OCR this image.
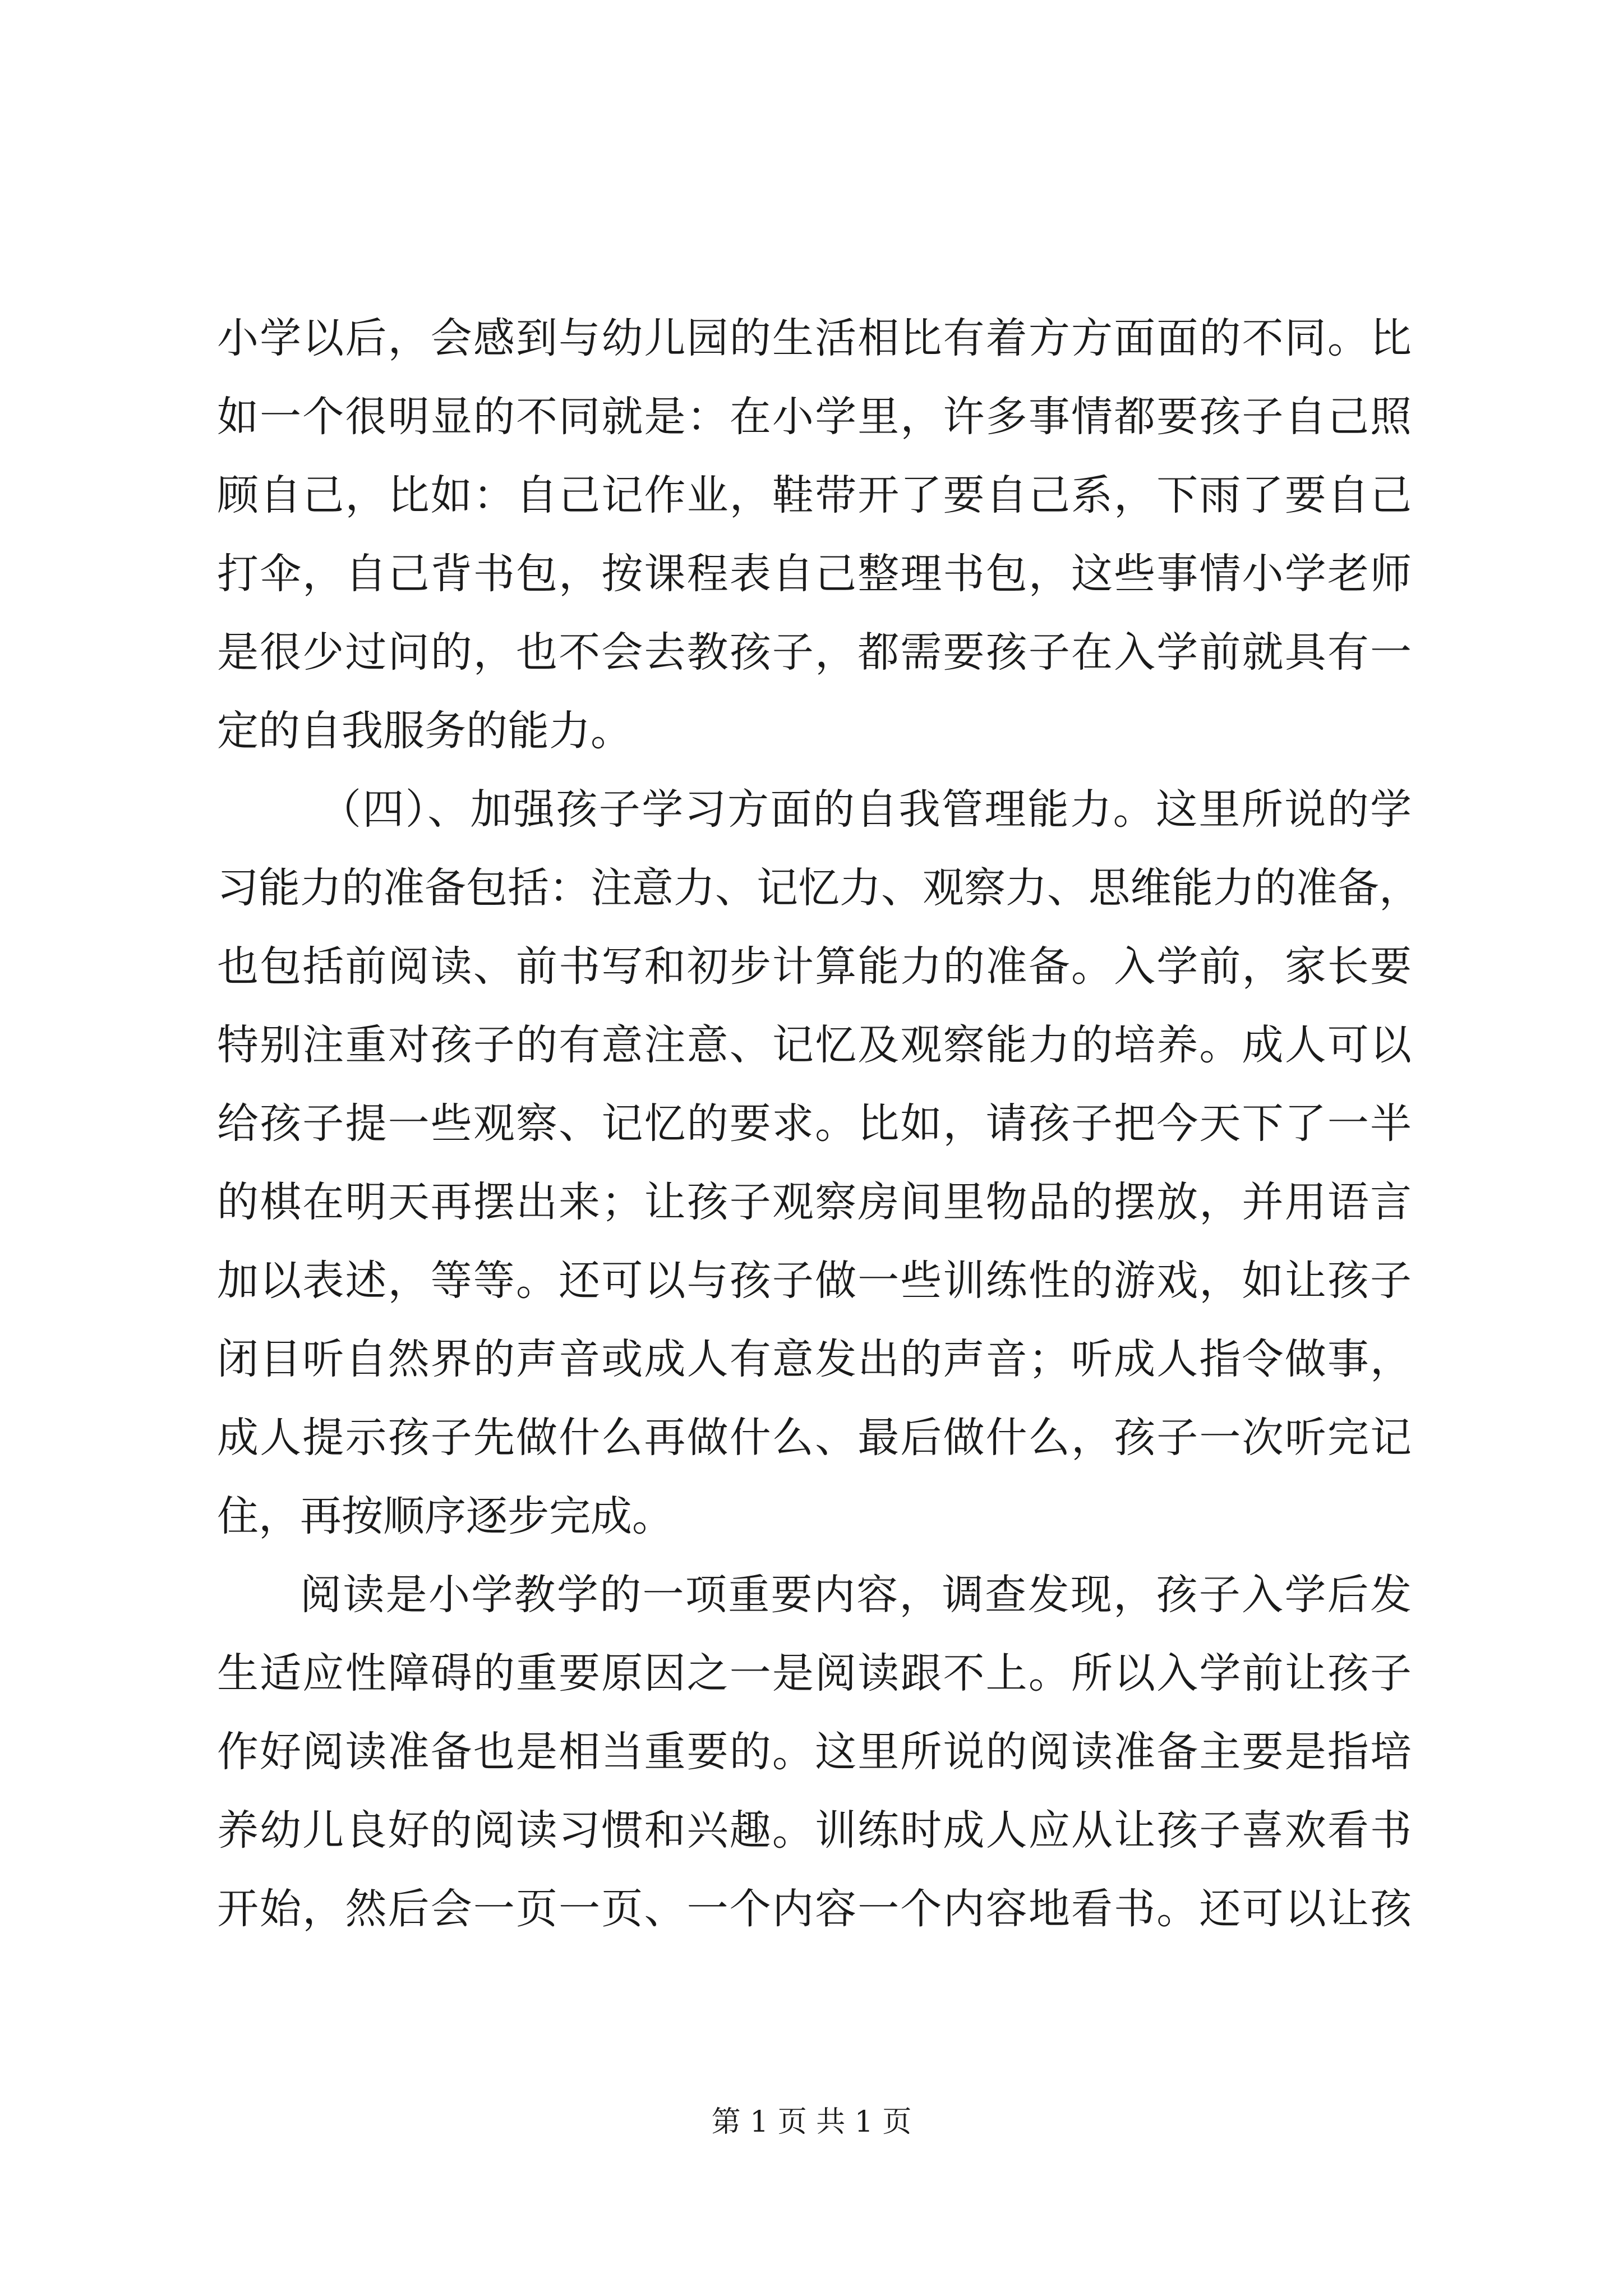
小学以后，会感到与幼儿园的生活相比有着方方面面的不同。比
如一个很明显的不同就是：在小学里，许多事情都要孩子自己照
顾自己，比如：自己记作业，鞋带开了要自己系，下雨了要自己
打伞，自己背书包，按课程表自己整理书包，这些事情小学老师
是很少过问的，也不会去教孩子，都需要孩子在入学前就具有一
定的自我服务的能力。
（四）、加强孩子学习方面的自我管理能力。这里所说的学
习能力的准备包括：注意力、记忆力、观察力、思维能力的准备，
也包括前阅读、前书写和初步计算能力的准备。入学前，家长要
特别注重对孩子的有意注意、记忆及观察能力的培养。成人可以
给孩子提一些观察、记忆的要求。比如，请孩子把今天下了一半
的棋在明天再摆出来；让孩子观察房间里物品的摆放，并用语言
加以表述，等等。还可以与孩子做一些训练性的游戏，如让孩子
闭目听自然界的声音或成人有意发出的声音；听成人指令做事，
成人提示孩子先做什么再做什么、最后做什么，孩子一次听完记
住，再按顺序逐步完成。
阅读是小学教学的一项重要内容，调查发现，孩子入学后发
生适应性障碍的重要原因之一是阅读跟不上。所以入学前让孩子
作好阅读准备也是相当重要的。这里所说的阅读准备主要是指培
养幼儿良好的阅读习惯和兴趣。训练时成人应从让孩子喜欢看书
开始，然后会一页一页、一个内容一个内容地看书。还可以让孩
第 1 页 共 1 页
